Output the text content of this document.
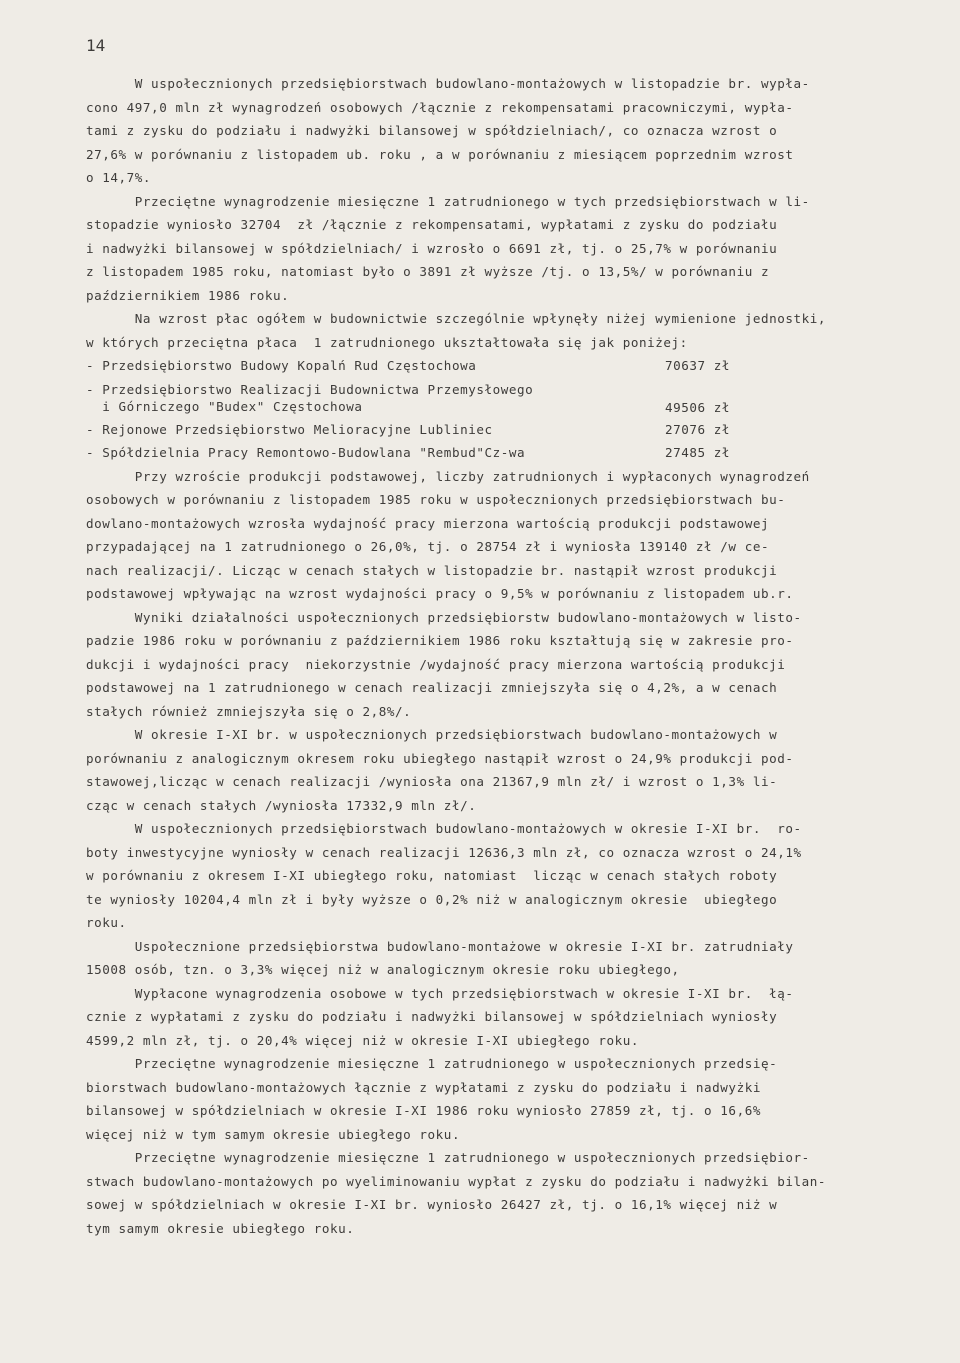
14
W uspołecznionych przedsiębiorstwach budowlano-montażowych w listopadzie br. wypła-
cono 497,0 mln zł wynagrodzeń osobowych /łącznie z rekompensatami pracowniczymi, wypła-
tami z zysku do podziału i nadwyżki bilansowej w spółdzielniach/, co oznacza wzrost o
27,6% w porównaniu z listopadem ub. roku , a w porównaniu z miesiącem poprzednim wzrost
o 14,7%.
Przeciętne wynagrodzenie miesięczne 1 zatrudnionego w tych przedsiębiorstwach w li-
stopadzie wyniosło 32704  zł /łącznie z rekompensatami, wypłatami z zysku do podziału
i nadwyżki bilansowej w spółdzielniach/ i wzrosło o 6691 zł, tj. o 25,7% w porównaniu
z listopadem 1985 roku, natomiast było o 3891 zł wyższe /tj. o 13,5%/ w porównaniu z
październikiem 1986 roku.
Na wzrost płac ogółem w budownictwie szczególnie wpłynęły niżej wymienione jednostki,
w których przeciętna płaca  1 zatrudnionego ukształtowała się jak poniżej:
- Przedsiębiorstwo Budowy Kopalń Rud Częstochowa	70637 zł
- Przedsiębiorstwo Realizacji Budownictwa Przemysłowego
i Górniczego "Budex" Częstochowa	49506 zł
- Rejonowe Przedsiębiorstwo Melioracyjne Lubliniec	27076 zł
- Spółdzielnia Pracy Remontowo-Budowlana "Rembud"Cz-wa	27485 zł
Przy wzroście produkcji podstawowej, liczby zatrudnionych i wypłaconych wynagrodzeń
osobowych w porównaniu z listopadem 1985 roku w uspołecznionych przedsiębiorstwach bu-
dowlano-montażowych wzrosła wydajność pracy mierzona wartością produkcji podstawowej
przypadającej na 1 zatrudnionego o 26,0%, tj. o 28754 zł i wyniosła 139140 zł /w ce-
nach realizacji/. Licząc w cenach stałych w listopadzie br. nastąpił wzrost produkcji
podstawowej wpływając na wzrost wydajności pracy o 9,5% w porównaniu z listopadem ub.r.
Wyniki działalności uspołecznionych przedsiębiorstw budowlano-montażowych w listo-
padzie 1986 roku w porównaniu z październikiem 1986 roku kształtują się w zakresie pro-
dukcji i wydajności pracy  niekorzystnie /wydajność pracy mierzona wartością produkcji
podstawowej na 1 zatrudnionego w cenach realizacji zmniejszyła się o 4,2%, a w cenach
stałych również zmniejszyła się o 2,8%/.
W okresie I-XI br. w uspołecznionych przedsiębiorstwach budowlano-montażowych w
porównaniu z analogicznym okresem roku ubiegłego nastąpił wzrost o 24,9% produkcji pod-
stawowej,licząc w cenach realizacji /wyniosła ona 21367,9 mln zł/ i wzrost o 1,3% li-
cząc w cenach stałych /wyniosła 17332,9 mln zł/.
W uspołecznionych przedsiębiorstwach budowlano-montażowych w okresie I-XI br.  ro-
boty inwestycyjne wyniosły w cenach realizacji 12636,3 mln zł, co oznacza wzrost o 24,1%
w porównaniu z okresem I-XI ubiegłego roku, natomiast  licząc w cenach stałych roboty
te wyniosły 10204,4 mln zł i były wyższe o 0,2% niż w analogicznym okresie  ubiegłego
roku.
Uspołecznione przedsiębiorstwa budowlano-montażowe w okresie I-XI br. zatrudniały
15008 osób, tzn. o 3,3% więcej niż w analogicznym okresie roku ubiegłego,
Wypłacone wynagrodzenia osobowe w tych przedsiębiorstwach w okresie I-XI br.  łą-
cznie z wypłatami z zysku do podziału i nadwyżki bilansowej w spółdzielniach wyniosły
4599,2 mln zł, tj. o 20,4% więcej niż w okresie I-XI ubiegłego roku.
Przeciętne wynagrodzenie miesięczne 1 zatrudnionego w uspołecznionych przedsię-
biorstwach budowlano-montażowych łącznie z wypłatami z zysku do podziału i nadwyżki
bilansowej w spółdzielniach w okresie I-XI 1986 roku wyniosło 27859 zł, tj. o 16,6%
więcej niż w tym samym okresie ubiegłego roku.
Przeciętne wynagrodzenie miesięczne 1 zatrudnionego w uspołecznionych przedsiębior-
stwach budowlano-montażowych po wyeliminowaniu wypłat z zysku do podziału i nadwyżki bilan-
sowej w spółdzielniach w okresie I-XI br. wyniosło 26427 zł, tj. o 16,1% więcej niż w
tym samym okresie ubiegłego roku.
